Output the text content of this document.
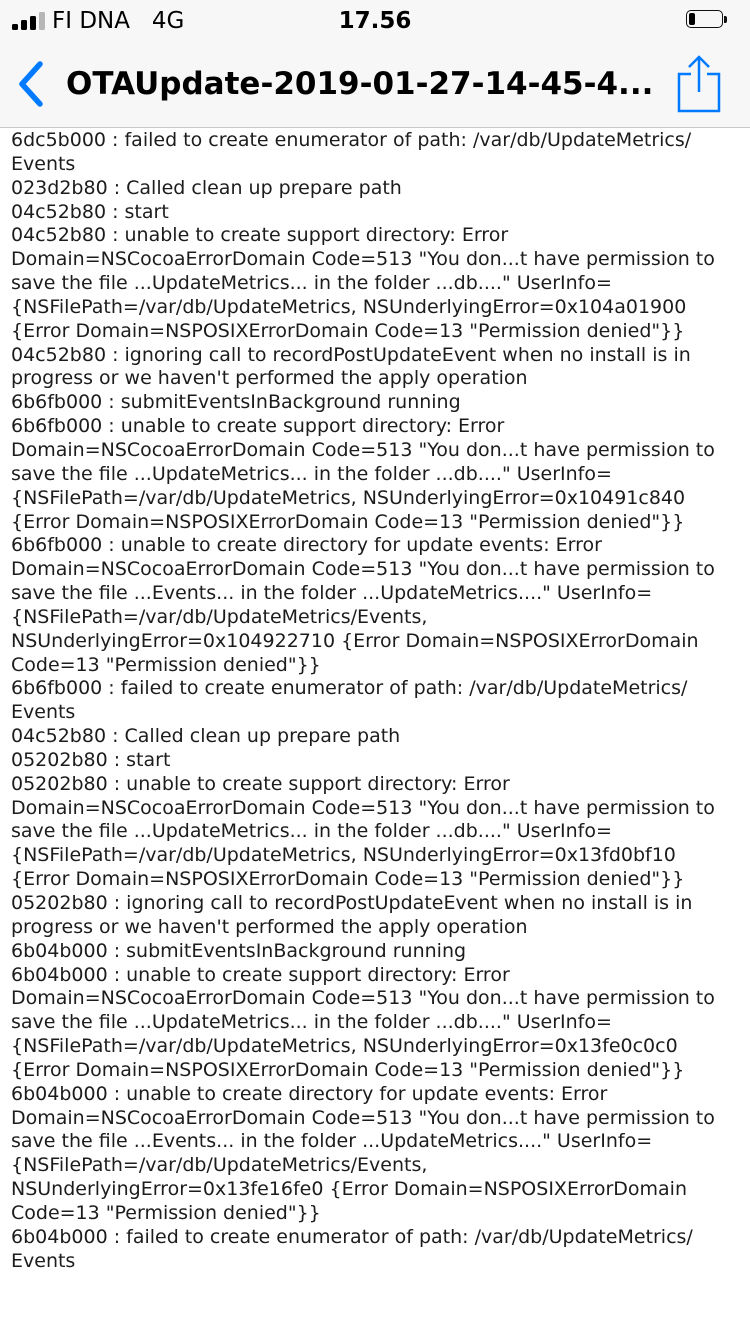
FI DNA 4G	17.56
OTAUpdate-2019-01-27-14-45-4...

6dc5b000 : failed to create enumerator of path: /var/db/UpdateMetrics/ Events

023d2b80 : Called clean up prepare path

04c52b80 : start

04c52b80 : unable to create support directory: Error Domain=NSCocoaErrorDomain Code=513 "You don...t have permission to save the file ...UpdateMetrics... in the folder ...db...." UserInfo={NSFilePath=/var/db/UpdateMetrics, NSUnderlyingError=0x104a01900 {Error Domain=NSPOSIXErrorDomain Code=13 "Permission denied"}}

04c52b80 : ignoring call to recordPostUpdateEvent when no install is in progress or we haven't performed the apply operation

6b6fb000 : submitEventsInBackground running

6b6fb000 : unable to create support directory: Error Domain=NSCocoaErrorDomain Code=513 "You don...t have permission to save the file ...UpdateMetrics... in the folder ...db...." UserInfo={NSFilePath=/var/db/UpdateMetrics, NSUnderlyingError=0x10491c840 {Error Domain=NSPOSIXErrorDomain Code=13 "Permission denied"}}

6b6fb000 : unable to create directory for update events: Error Domain=NSCocoaErrorDomain Code=513 "You don...t have permission to save the file ...Events... in the folder ...UpdateMetrics...." UserInfo={NSFilePath=/var/db/UpdateMetrics/Events, NSUnderlyingError=0x104922710 {Error Domain=NSPOSIXErrorDomain Code=13 "Permission denied"}}

6b6fb000 : failed to create enumerator of path: /var/db/UpdateMetrics/ Events

04c52b80 : Called clean up prepare path

05202b80 : start

05202b80 : unable to create support directory: Error Domain=NSCocoaErrorDomain Code=513 "You don...t have permission to save the file ...UpdateMetrics... in the folder ...db...." UserInfo={NSFilePath=/var/db/UpdateMetrics, NSUnderlyingError=0x13fd0bf10 {Error Domain=NSPOSIXErrorDomain Code=13 "Permission denied"}}

05202b80 : ignoring call to recordPostUpdateEvent when no install is in progress or we haven't performed the apply operation

6b04b000 : submitEventsInBackground running

6b04b000 : unable to create support directory: Error Domain=NSCocoaErrorDomain Code=513 "You don...t have permission to save the file ...UpdateMetrics... in the folder ...db...." UserInfo={NSFilePath=/var/db/UpdateMetrics, NSUnderlyingError=0x13fe0c0c0 {Error Domain=NSPOSIXErrorDomain Code=13 "Permission denied"}}

6b04b000 : unable to create directory for update events: Error Domain=NSCocoaErrorDomain Code=513 "You don...t have permission to save the file ...Events... in the folder ...UpdateMetrics...." UserInfo={NSFilePath=/var/db/UpdateMetrics/Events, NSUnderlyingError=0x13fe16fe0 {Error Domain=NSPOSIXErrorDomain Code=13 "Permission denied"}}

6b04b000 : failed to create enumerator of path: /var/db/UpdateMetrics/ Events
